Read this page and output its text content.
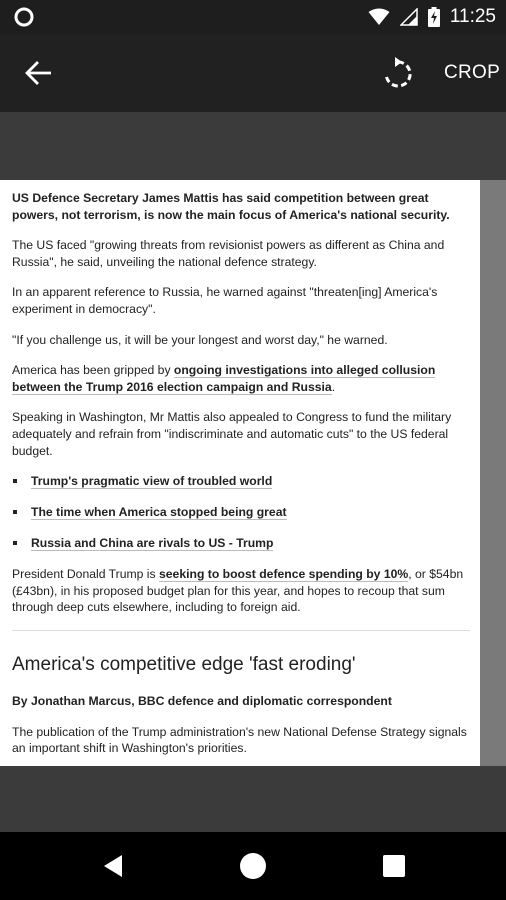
11:25
CROP

US Defence Secretary James Mattis has said competition between great powers, not terrorism, is now the main focus of America's national security.

The US faced "growing threats from revisionist powers as different as China and Russia", he said, unveiling the national defence strategy.

In an apparent reference to Russia, he warned against "threaten[ing] America's experiment in democracy".

"If you challenge us, it will be your longest and worst day," he warned.

America has been gripped by ongoing investigations into alleged collusion between the Trump 2016 election campaign and Russia.

Speaking in Washington, Mr Mattis also appealed to Congress to fund the military adequately and refrain from "indiscriminate and automatic cuts" to the US federal budget.

Trump's pragmatic view of troubled world
The time when America stopped being great
Russia and China are rivals to US - Trump

President Donald Trump is seeking to boost defence spending by 10%, or $54bn (£43bn), in his proposed budget plan for this year, and hopes to recoup that sum through deep cuts elsewhere, including to foreign aid.

America's competitive edge 'fast eroding'

By Jonathan Marcus, BBC defence and diplomatic correspondent

The publication of the Trump administration's new National Defense Strategy signals an important shift in Washington's priorities.
